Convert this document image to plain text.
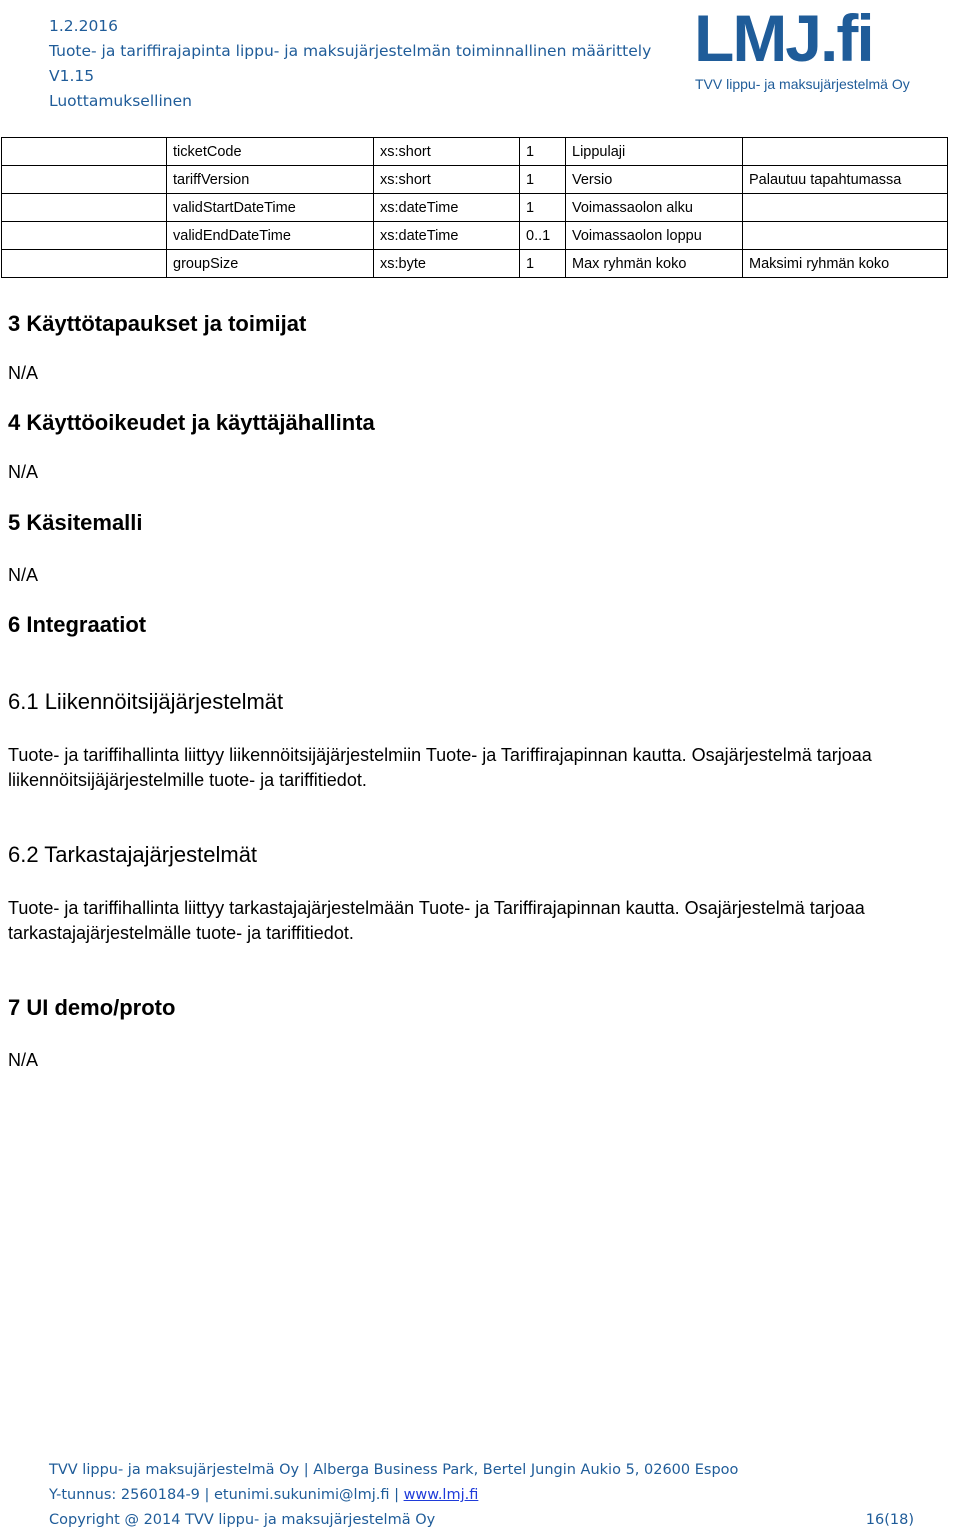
1.2.2016
Tuote- ja tariffirajapinta lippu- ja maksujärjestelmän toiminnallinen määrittely
V1.15
Luottamuksellinen
LMJ.fi
TVV lippu- ja maksujärjestelmä Oy
	ticketCode	xs:short	1	Lippulaji	
	tariffVersion	xs:short	1	Versio	Palautuu tapahtumassa
	validStartDateTime	xs:dateTime	1	Voimassaolon alku	
	validEndDateTime	xs:dateTime	0..1	Voimassaolon loppu	
	groupSize	xs:byte	1	Max ryhmän koko	Maksimi ryhmän koko
3 Käyttötapaukset ja toimijat
N/A
4 Käyttöoikeudet ja käyttäjähallinta
N/A
5 Käsitemalli
N/A
6 Integraatiot
6.1 Liikennöitsijäjärjestelmät
Tuote- ja tariffihallinta liittyy liikennöitsijäjärjestelmiin Tuote- ja Tariffirajapinnan kautta. Osajärjestelmä tarjoaa liikennöitsijäjärjestelmille tuote- ja tariffitiedot.
6.2 Tarkastajajärjestelmät
Tuote- ja tariffihallinta liittyy tarkastajajärjestelmään Tuote- ja Tariffirajapinnan kautta. Osajärjestelmä tarjoaa tarkastajajärjestelmälle tuote- ja tariffitiedot.
7 UI demo/proto
N/A
TVV lippu- ja maksujärjestelmä Oy | Alberga Business Park, Bertel Jungin Aukio 5, 02600 Espoo
Y-tunnus: 2560184-9 | etunimi.sukunimi@lmj.fi | www.lmj.fi
Copyright @ 2014 TVV lippu- ja maksujärjestelmä Oy	16(18)
